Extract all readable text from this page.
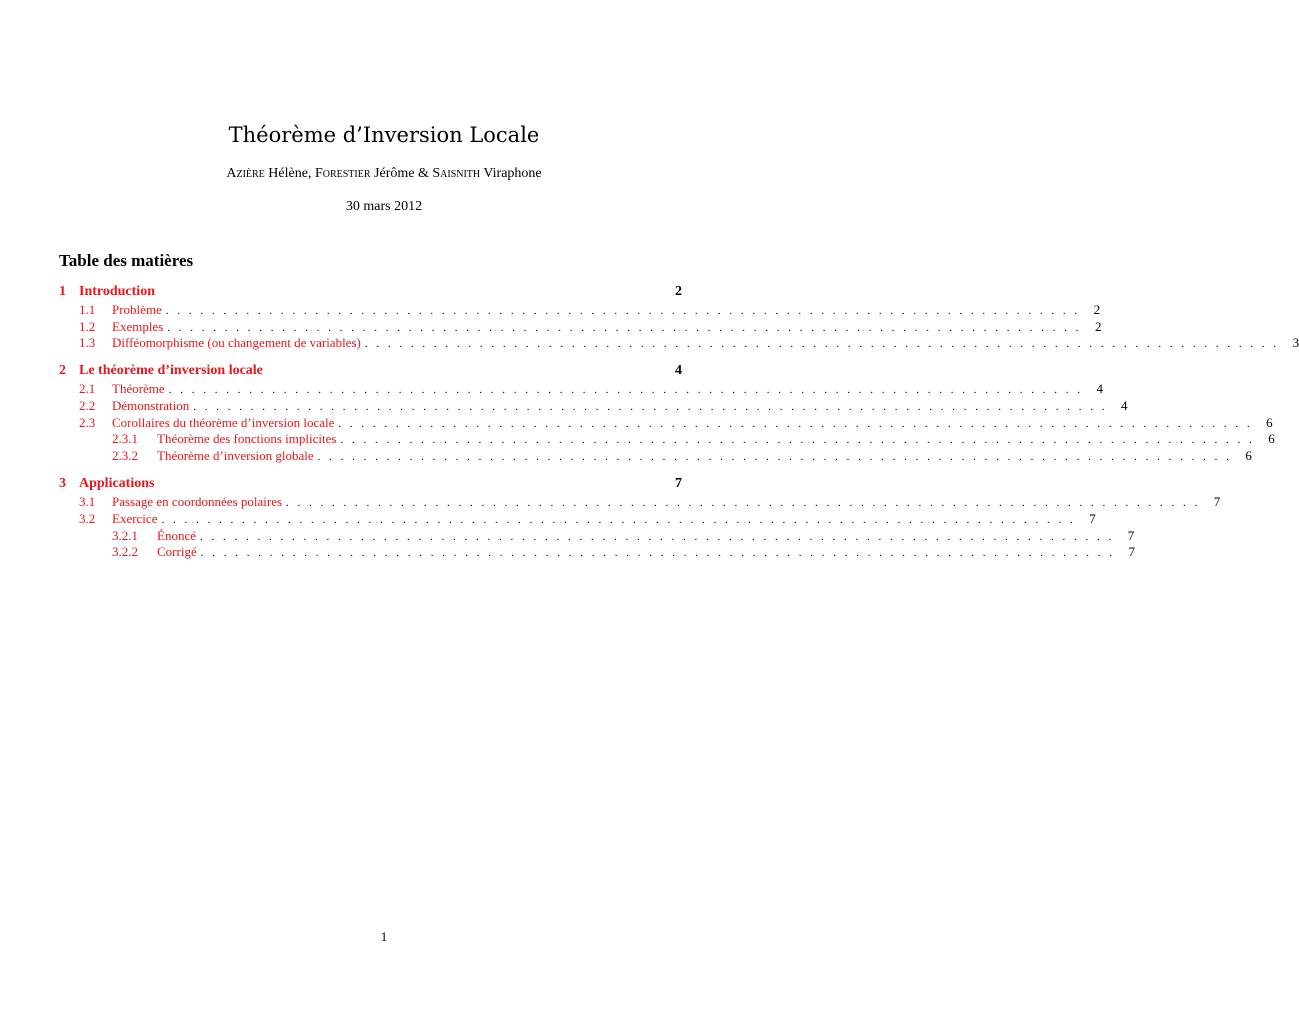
Théorème d’Inversion Locale
Azière Hélène, Forestier Jérôme & Saisnith Viraphone
30 mars 2012
Table des matières
1 Introduction	2
1.1	Problème . . . . . . . . . . . . . . . . . . . . . . . . . . . . . . . . . . . . . . . . . . . . . . . . . . . . . . . . . . . . . . . . . . . . . . . . . . . . . . . .	2
1.2	Exemples . . . . . . . . . . . . . . . . . . . . . . . . . . . . . . . . . . . . . . . . . . . . . . . . . . . . . . . . . . . . . . . . . . . . . . . . . . . . . . . .	2
1.3	Difféomorphisme (ou changement de variables) . . . . . . . . . . . . . . . . . . . . . . . . . . . . . . . . . . . . . . . . . . . . . . . . . . . . . . . . . . . . . . . . . . . . . . . . . . . . . . . .	3
2 Le théorème d’inversion locale	4
2.1	Théorème . . . . . . . . . . . . . . . . . . . . . . . . . . . . . . . . . . . . . . . . . . . . . . . . . . . . . . . . . . . . . . . . . . . . . . . . . . . . . . . .	4
2.2	Démonstration . . . . . . . . . . . . . . . . . . . . . . . . . . . . . . . . . . . . . . . . . . . . . . . . . . . . . . . . . . . . . . . . . . . . . . . . . . . . . . . .	4
2.3	Corollaires du théorème d’inversion locale . . . . . . . . . . . . . . . . . . . . . . . . . . . . . . . . . . . . . . . . . . . . . . . . . . . . . . . . . . . . . . . . . . . . . . . . . . . . . . . .	6
2.3.1	Théorème des fonctions implicites . . . . . . . . . . . . . . . . . . . . . . . . . . . . . . . . . . . . . . . . . . . . . . . . . . . . . . . . . . . . . . . . . . . . . . . . . . . . . . . .	6
2.3.2	Théorème d’inversion globale . . . . . . . . . . . . . . . . . . . . . . . . . . . . . . . . . . . . . . . . . . . . . . . . . . . . . . . . . . . . . . . . . . . . . . . . . . . . . . . .	6
3 Applications	7
3.1	Passage en coordonnées polaires . . . . . . . . . . . . . . . . . . . . . . . . . . . . . . . . . . . . . . . . . . . . . . . . . . . . . . . . . . . . . . . . . . . . . . . . . . . . . . . .	7
3.2	Exercice . . . . . . . . . . . . . . . . . . . . . . . . . . . . . . . . . . . . . . . . . . . . . . . . . . . . . . . . . . . . . . . . . . . . . . . . . . . . . . . .	7
3.2.1	Énoncé . . . . . . . . . . . . . . . . . . . . . . . . . . . . . . . . . . . . . . . . . . . . . . . . . . . . . . . . . . . . . . . . . . . . . . . . . . . . . . . .	7
3.2.2	Corrigé . . . . . . . . . . . . . . . . . . . . . . . . . . . . . . . . . . . . . . . . . . . . . . . . . . . . . . . . . . . . . . . . . . . . . . . . . . . . . . . .	7
1
